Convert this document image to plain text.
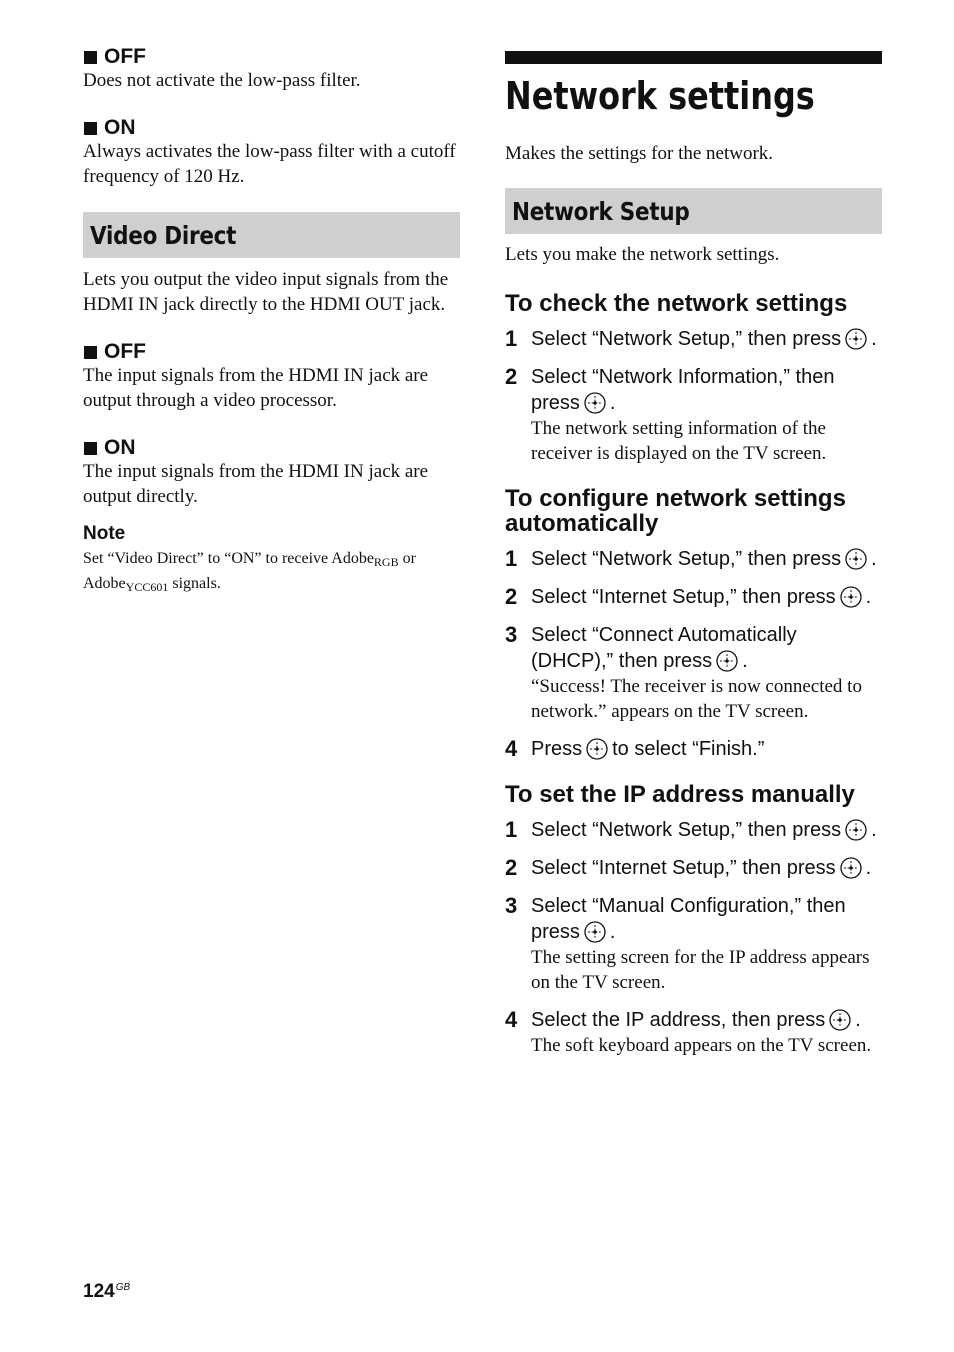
OFF
Does not activate the low-pass filter.
ON
Always activates the low-pass filter with a cutoff frequency of 120 Hz.
Video Direct
Lets you output the video input signals from the HDMI IN jack directly to the HDMI OUT jack.
OFF
The input signals from the HDMI IN jack are output through a video processor.
ON
The input signals from the HDMI IN jack are output directly.
Note
Set “Video Direct” to “ON” to receive Adobe$_{RGB}$ or Adobe$_{YCC601}$ signals.
Network settings
Makes the settings for the network.
Network Setup
Lets you make the network settings.
To check the network settings
1 Select “Network Setup,” then press .
2 Select “Network Information,” then press .
The network setting information of the receiver is displayed on the TV screen.
To configure network settings automatically
1 Select “Network Setup,” then press .
2 Select “Internet Setup,” then press .
3 Select “Connect Automatically (DHCP),” then press .
“Success! The receiver is now connected to network.” appears on the TV screen.
4 Press to select “Finish.”
To set the IP address manually
1 Select “Network Setup,” then press .
2 Select “Internet Setup,” then press .
3 Select “Manual Configuration,” then press .
The setting screen for the IP address appears on the TV screen.
4 Select the IP address, then press .
The soft keyboard appears on the TV screen.
$124^{GB}$
